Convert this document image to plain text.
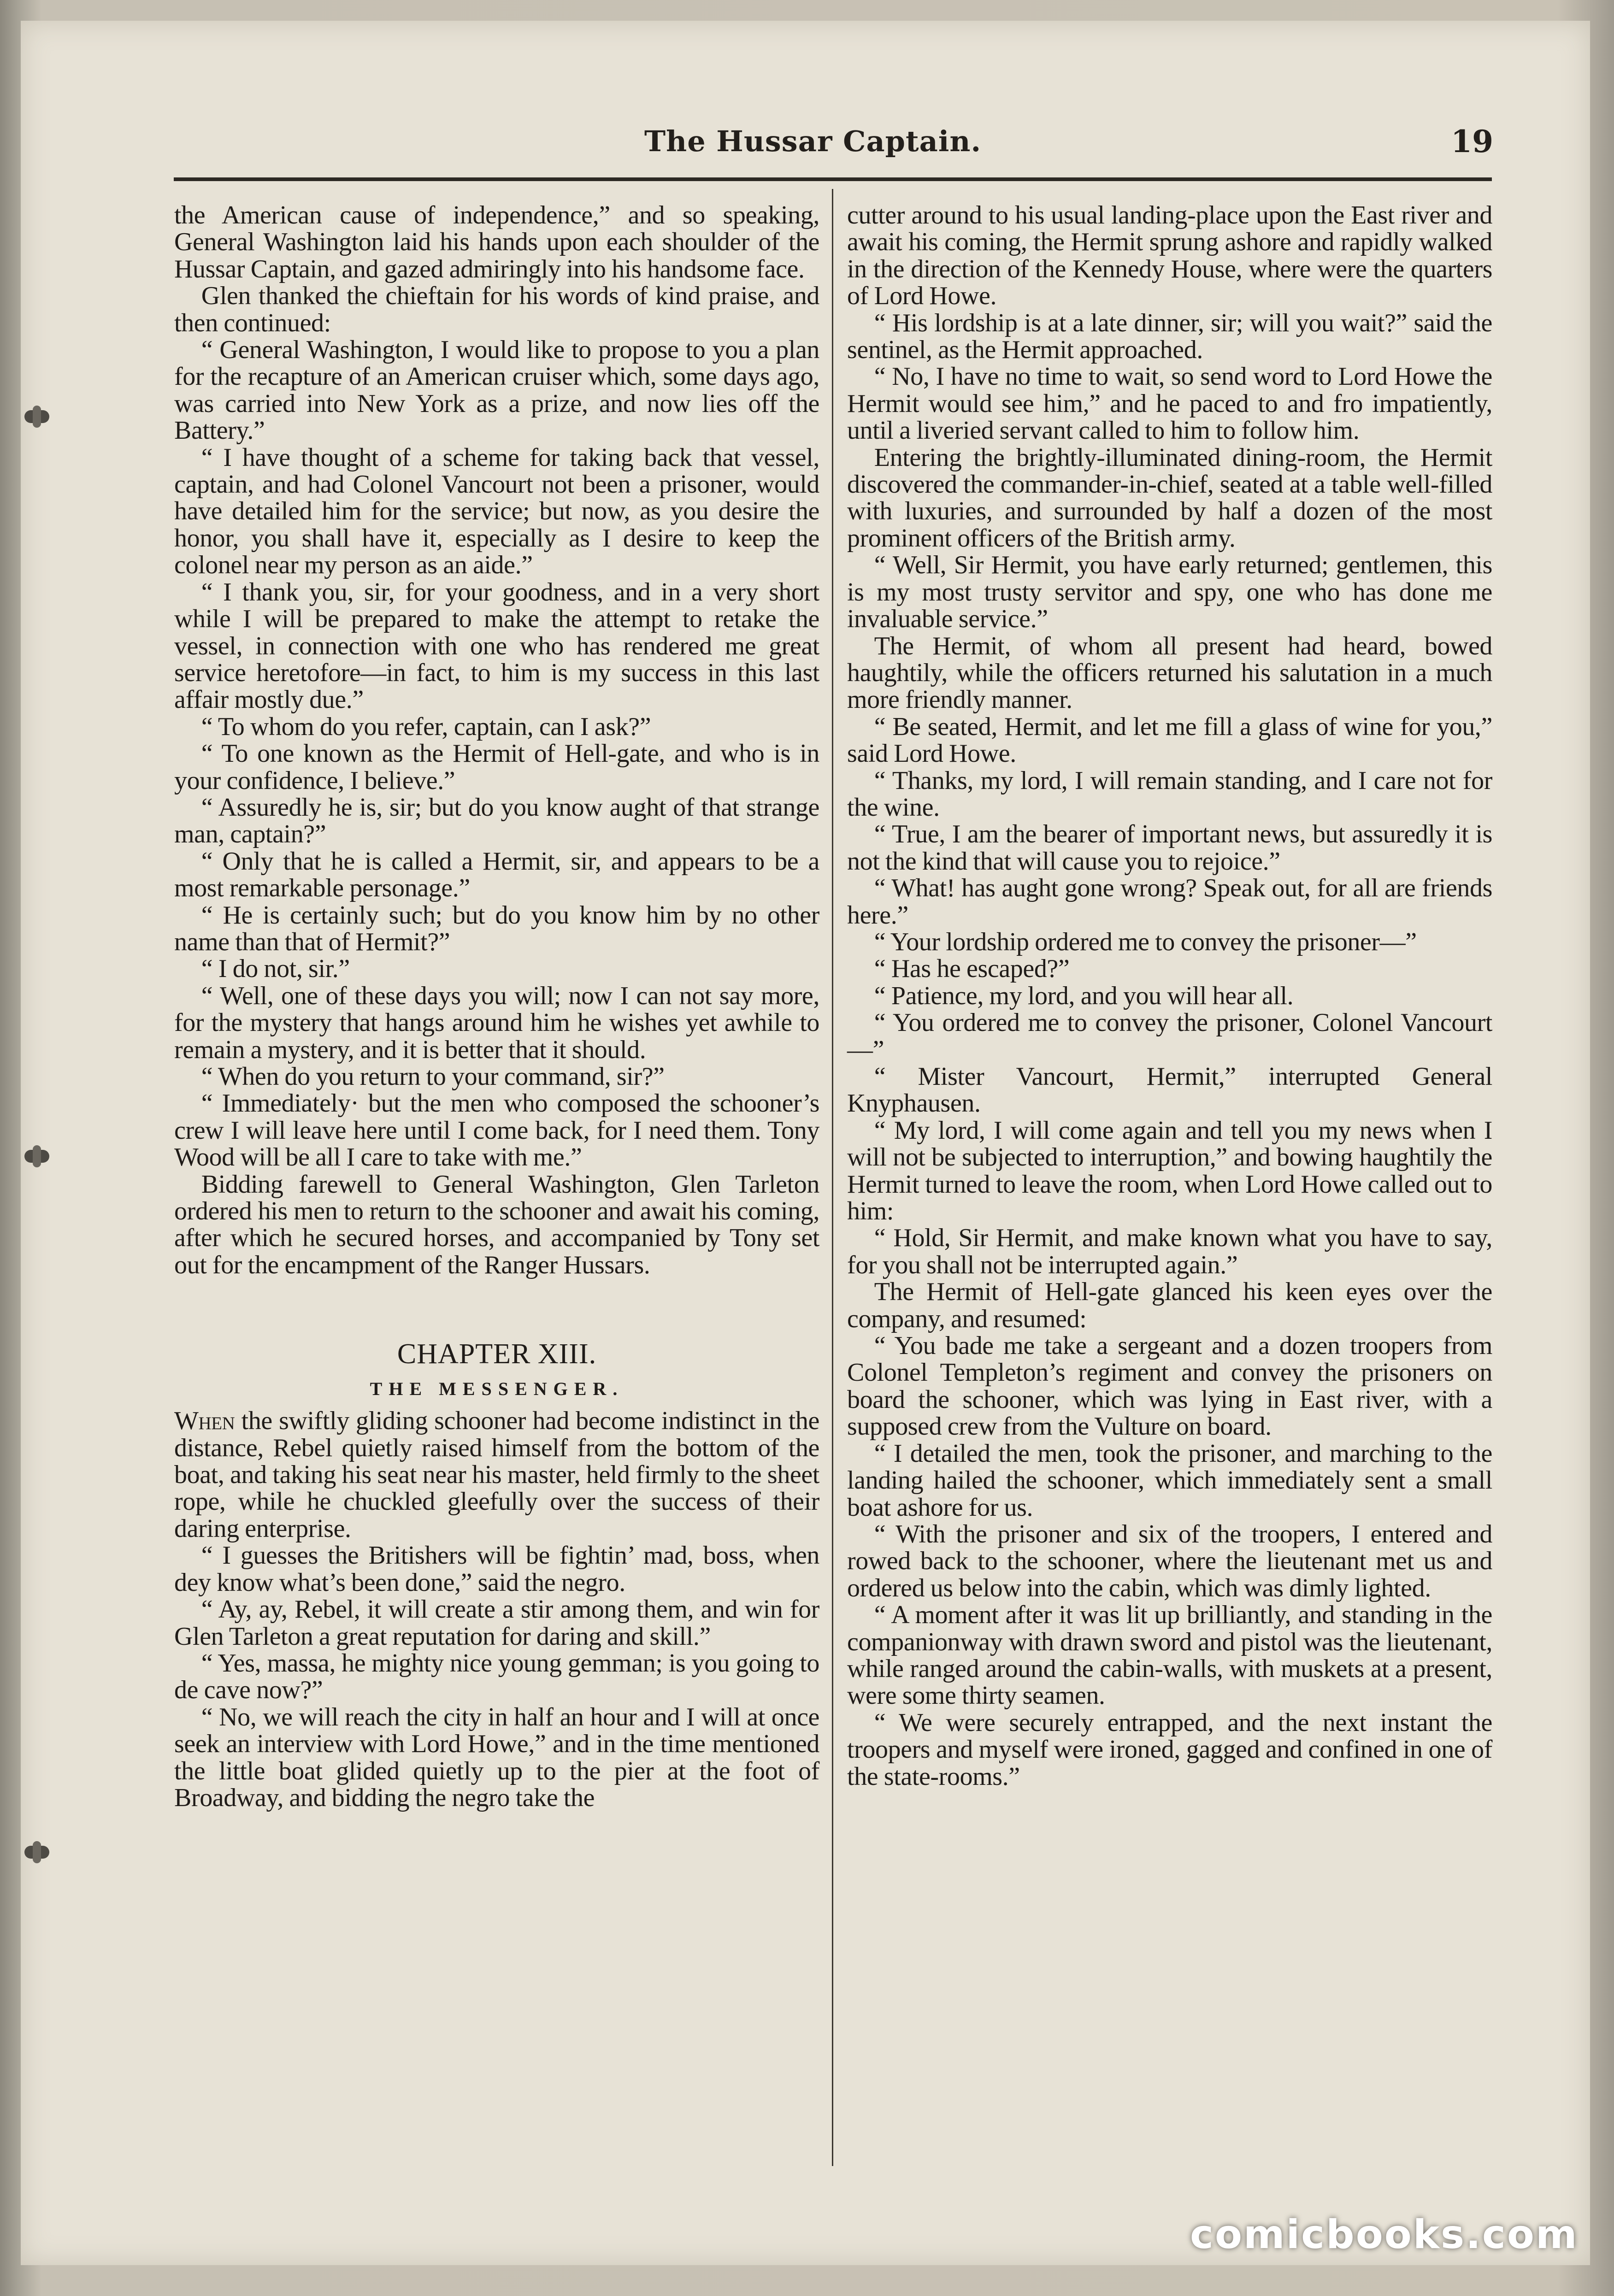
The Hussar Captain.	19

the American cause of independence,” and so speaking, General Washington laid his hands upon each shoulder of the Hussar Captain, and gazed admiringly into his handsome face.

Glen thanked the chieftain for his words of kind praise, and then continued:

“ General Washington, I would like to propose to you a plan for the recapture of an American cruiser which, some days ago, was carried into New York as a prize, and now lies off the Battery.”

“ I have thought of a scheme for taking back that vessel, captain, and had Colonel Vancourt not been a prisoner, would have detailed him for the service; but now, as you desire the honor, you shall have it, especially as I desire to keep the colonel near my person as an aide.”

“ I thank you, sir, for your goodness, and in a very short while I will be prepared to make the attempt to retake the vessel, in connection with one who has rendered me great service heretofore—in fact, to him is my success in this last affair mostly due.”

“ To whom do you refer, captain, can I ask?”

“ To one known as the Hermit of Hell-gate, and who is in your confidence, I believe.”

“ Assuredly he is, sir; but do you know aught of that strange man, captain?”

“ Only that he is called a Hermit, sir, and appears to be a most remarkable personage.”

“ He is certainly such; but do you know him by no other name than that of Hermit?”

“ I do not, sir.”

“ Well, one of these days you will; now I can not say more, for the mystery that hangs around him he wishes yet awhile to remain a mystery, and it is better that it should.

“ When do you return to your command, sir?”

“ Immediately· but the men who composed the schooner’s crew I will leave here until I come back, for I need them. Tony Wood will be all I care to take with me.”

Bidding farewell to General Washington, Glen Tarleton ordered his men to return to the schooner and await his coming, after which he secured horses, and accompanied by Tony set out for the encampment of the Ranger Hussars.

CHAPTER XIII.
THE MESSENGER.

When the swiftly gliding schooner had become indistinct in the distance, Rebel quietly raised himself from the bottom of the boat, and taking his seat near his master, held firmly to the sheet rope, while he chuckled gleefully over the success of their daring enterprise.

“ I guesses the Britishers will be fightin’ mad, boss, when dey know what’s been done,” said the negro.

“ Ay, ay, Rebel, it will create a stir among them, and win for Glen Tarleton a great reputation for daring and skill.”

“ Yes, massa, he mighty nice young gemman; is you going to de cave now?”

“ No, we will reach the city in half an hour and I will at once seek an interview with Lord Howe,” and in the time mentioned the little boat glided quietly up to the pier at the foot of Broadway, and bidding the negro take the

cutter around to his usual landing-place upon the East river and await his coming, the Hermit sprung ashore and rapidly walked in the direction of the Kennedy House, where were the quarters of Lord Howe.

“ His lordship is at a late dinner, sir; will you wait?” said the sentinel, as the Hermit approached.

“ No, I have no time to wait, so send word to Lord Howe the Hermit would see him,” and he paced to and fro impatiently, until a liveried servant called to him to follow him.

Entering the brightly-illuminated dining-room, the Hermit discovered the commander-in-chief, seated at a table well-filled with luxuries, and surrounded by half a dozen of the most prominent officers of the British army.

“ Well, Sir Hermit, you have early returned; gentlemen, this is my most trusty servitor and spy, one who has done me invaluable service.”

The Hermit, of whom all present had heard, bowed haughtily, while the officers returned his salutation in a much more friendly manner.

“ Be seated, Hermit, and let me fill a glass of wine for you,” said Lord Howe.

“ Thanks, my lord, I will remain standing, and I care not for the wine.

“ True, I am the bearer of important news, but assuredly it is not the kind that will cause you to rejoice.”

“ What! has aught gone wrong? Speak out, for all are friends here.”

“ Your lordship ordered me to convey the prisoner—”

“ Has he escaped?”

“ Patience, my lord, and you will hear all.

“ You ordered me to convey the prisoner, Colonel Vancourt—”

“ Mister Vancourt, Hermit,” interrupted General Knyphausen.

“ My lord, I will come again and tell you my news when I will not be subjected to interruption,” and bowing haughtily the Hermit turned to leave the room, when Lord Howe called out to him:

“ Hold, Sir Hermit, and make known what you have to say, for you shall not be interrupted again.”

The Hermit of Hell-gate glanced his keen eyes over the company, and resumed:

“ You bade me take a sergeant and a dozen troopers from Colonel Templeton’s regiment and convey the prisoners on board the schooner, which was lying in East river, with a supposed crew from the Vulture on board.

“ I detailed the men, took the prisoner, and marching to the landing hailed the schooner, which immediately sent a small boat ashore for us.

“ With the prisoner and six of the troopers, I entered and rowed back to the schooner, where the lieutenant met us and ordered us below into the cabin, which was dimly lighted.

“ A moment after it was lit up brilliantly, and standing in the companionway with drawn sword and pistol was the lieutenant, while ranged around the cabin-walls, with muskets at a present, were some thirty seamen.

“ We were securely entrapped, and the next instant the troopers and myself were ironed, gagged and confined in one of the state-rooms.”

comicbooks.com
